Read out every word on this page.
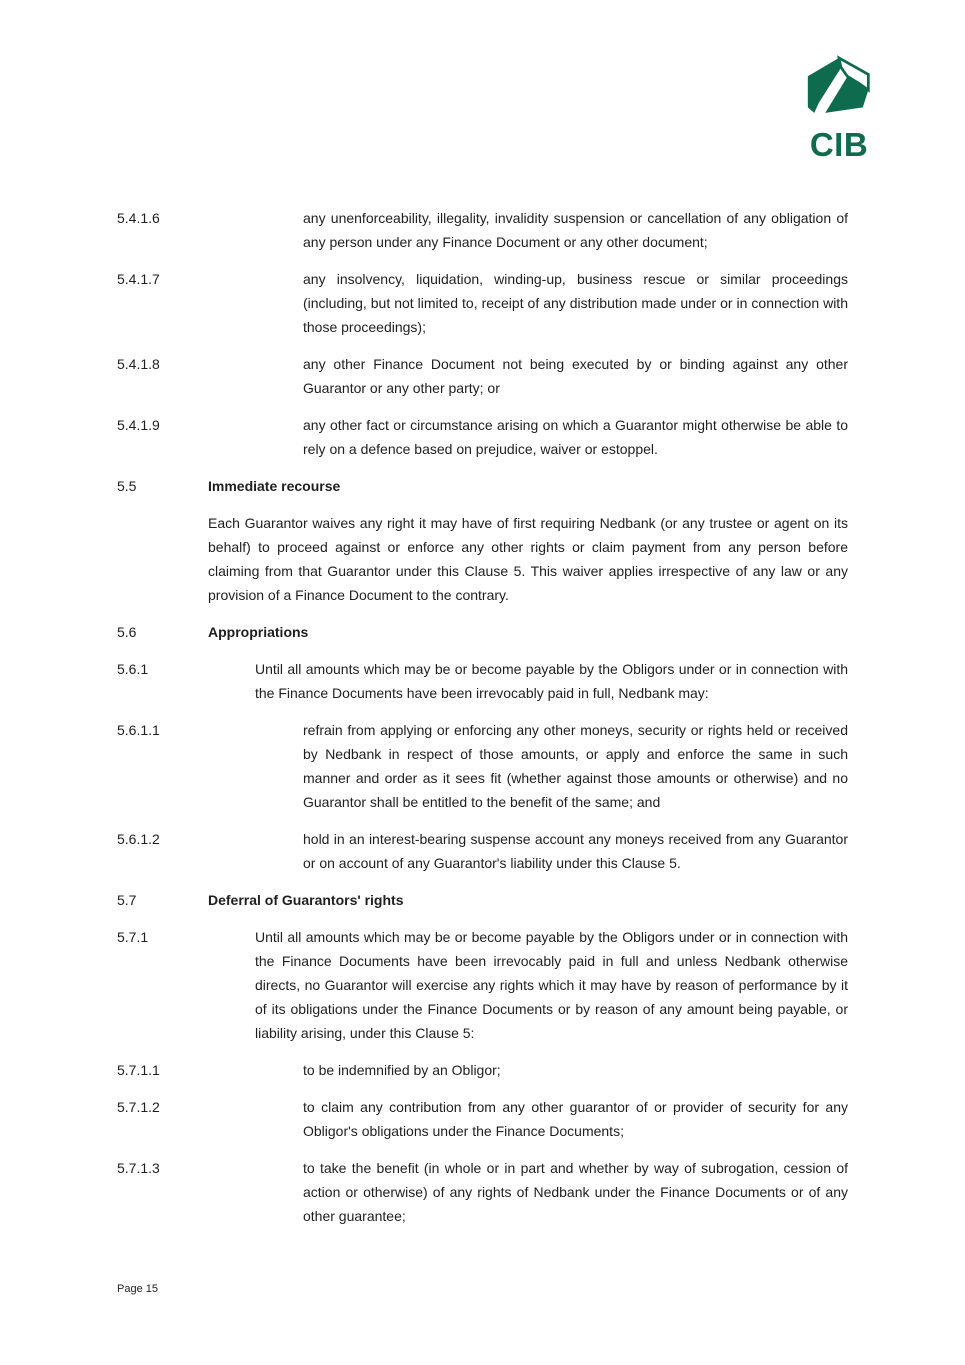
CIB
5.4.1.6	any unenforceability, illegality, invalidity suspension or cancellation of any obligation of any person under any Finance Document or any other document;
5.4.1.7	any insolvency, liquidation, winding-up, business rescue or similar proceedings (including, but not limited to, receipt of any distribution made under or in connection with those proceedings);
5.4.1.8	any other Finance Document not being executed by or binding against any other Guarantor or any other party; or
5.4.1.9	any other fact or circumstance arising on which a Guarantor might otherwise be able to rely on a defence based on prejudice, waiver or estoppel.
5.5	Immediate recourse
Each Guarantor waives any right it may have of first requiring Nedbank (or any trustee or agent on its behalf) to proceed against or enforce any other rights or claim payment from any person before claiming from that Guarantor under this Clause 5. This waiver applies irrespective of any law or any provision of a Finance Document to the contrary.
5.6	Appropriations
5.6.1	Until all amounts which may be or become payable by the Obligors under or in connection with the Finance Documents have been irrevocably paid in full, Nedbank may:
5.6.1.1	refrain from applying or enforcing any other moneys, security or rights held or received by Nedbank in respect of those amounts, or apply and enforce the same in such manner and order as it sees fit (whether against those amounts or otherwise) and no Guarantor shall be entitled to the benefit of the same; and
5.6.1.2	hold in an interest-bearing suspense account any moneys received from any Guarantor or on account of any Guarantor's liability under this Clause 5.
5.7	Deferral of Guarantors' rights
5.7.1	Until all amounts which may be or become payable by the Obligors under or in connection with the Finance Documents have been irrevocably paid in full and unless Nedbank otherwise directs, no Guarantor will exercise any rights which it may have by reason of performance by it of its obligations under the Finance Documents or by reason of any amount being payable, or liability arising, under this Clause 5:
5.7.1.1	to be indemnified by an Obligor;
5.7.1.2	to claim any contribution from any other guarantor of or provider of security for any Obligor's obligations under the Finance Documents;
5.7.1.3	to take the benefit (in whole or in part and whether by way of subrogation, cession of action or otherwise) of any rights of Nedbank under the Finance Documents or of any other guarantee;
Page 15
